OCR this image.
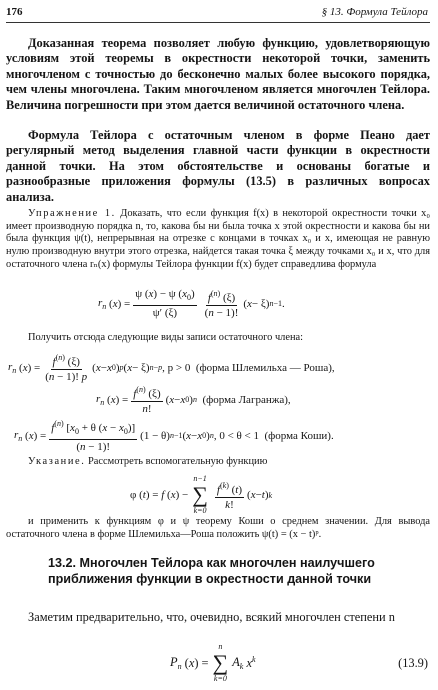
176	§ 13. Формула Тейлора

Доказанная теорема позволяет любую функцию, удовлетворяющую условиям этой теоремы в окрестности некоторой точки, заменить многочленом с точностью до бесконечно малых более высокого порядка, чем члены многочлена. Таким многочленом является многочлен Тейлора. Величина погрешности при этом дается величиной остаточного члена.

Формула Тейлора с остаточным членом в форме Пеано дает регулярный метод выделения главной части функции в окрестности данной точки. На этом обстоятельстве и основаны богатые и разнообразные приложения формулы (13.5) в различных вопросах анализа.

Упражнение 1. Доказать, что если функция f(x) в некоторой окрестности точки x₀ имеет производную порядка n, то, какова бы ни была точка x этой окрестности и какова бы ни была функция ψ(t), непрерывная на отрезке с концами в точках x₀ и x, имеющая не равную нулю производную внутри этого отрезка, найдется такая точка ξ между точками x₀ и x, что для остаточного члена rₙ(x) формулы Тейлора функции f(x) будет справедлива формула

$r_n$ ( x ) = $\frac{\psi (x) - \psi (x_0)}{\psi' (\xi)} \frac{f^{(n)} (\xi)}{(n - 1)!}$ ( x − ξ) n−1 .

Получить отсюда следующие виды записи остаточного члена:

$r_n$ ( x ) = $\frac{f^{(n)} (\xi)}{(n - 1)! p}$ ( x − x 0 ) p ( x − ξ) n−p , p > 0
(форма Шлемильха — Роша),
$r_n$ ( x ) = $\frac{f^{(n)} (\xi)}{n!}$ ( x − x 0 ) n
(форма Лагранжа),
$r_n$ ( x ) = $\frac{f^{(n)} [x_0 + \theta (x - x_0)]}{(n - 1)!} (1 - \theta)$ n−1 ( x − x 0 ) n , 0 < θ < 1
(форма Коши).

Указание. Рассмотреть вспомогательную функцию

φ ( t ) = f ( x ) −
n−1
∑
$k=0 \frac{f^{(k)} (t)}{k!}$ ( x − t ) k

и применить к функциям φ и ψ теорему Коши о среднем значении. Для вывода остаточного члена в форме Шлемильха—Роша положить ψ(t) = (x − t)ᵖ.

13.2. Многочлен Тейлора как многочлен наилучшего приближения функции в окрестности данной точки

Заметим предварительно, что, очевидно, всякий многочлен степени n

$P_n$ ( x ) =
n
∑
k=0
$A_k$
$x^k$	(13.9)
